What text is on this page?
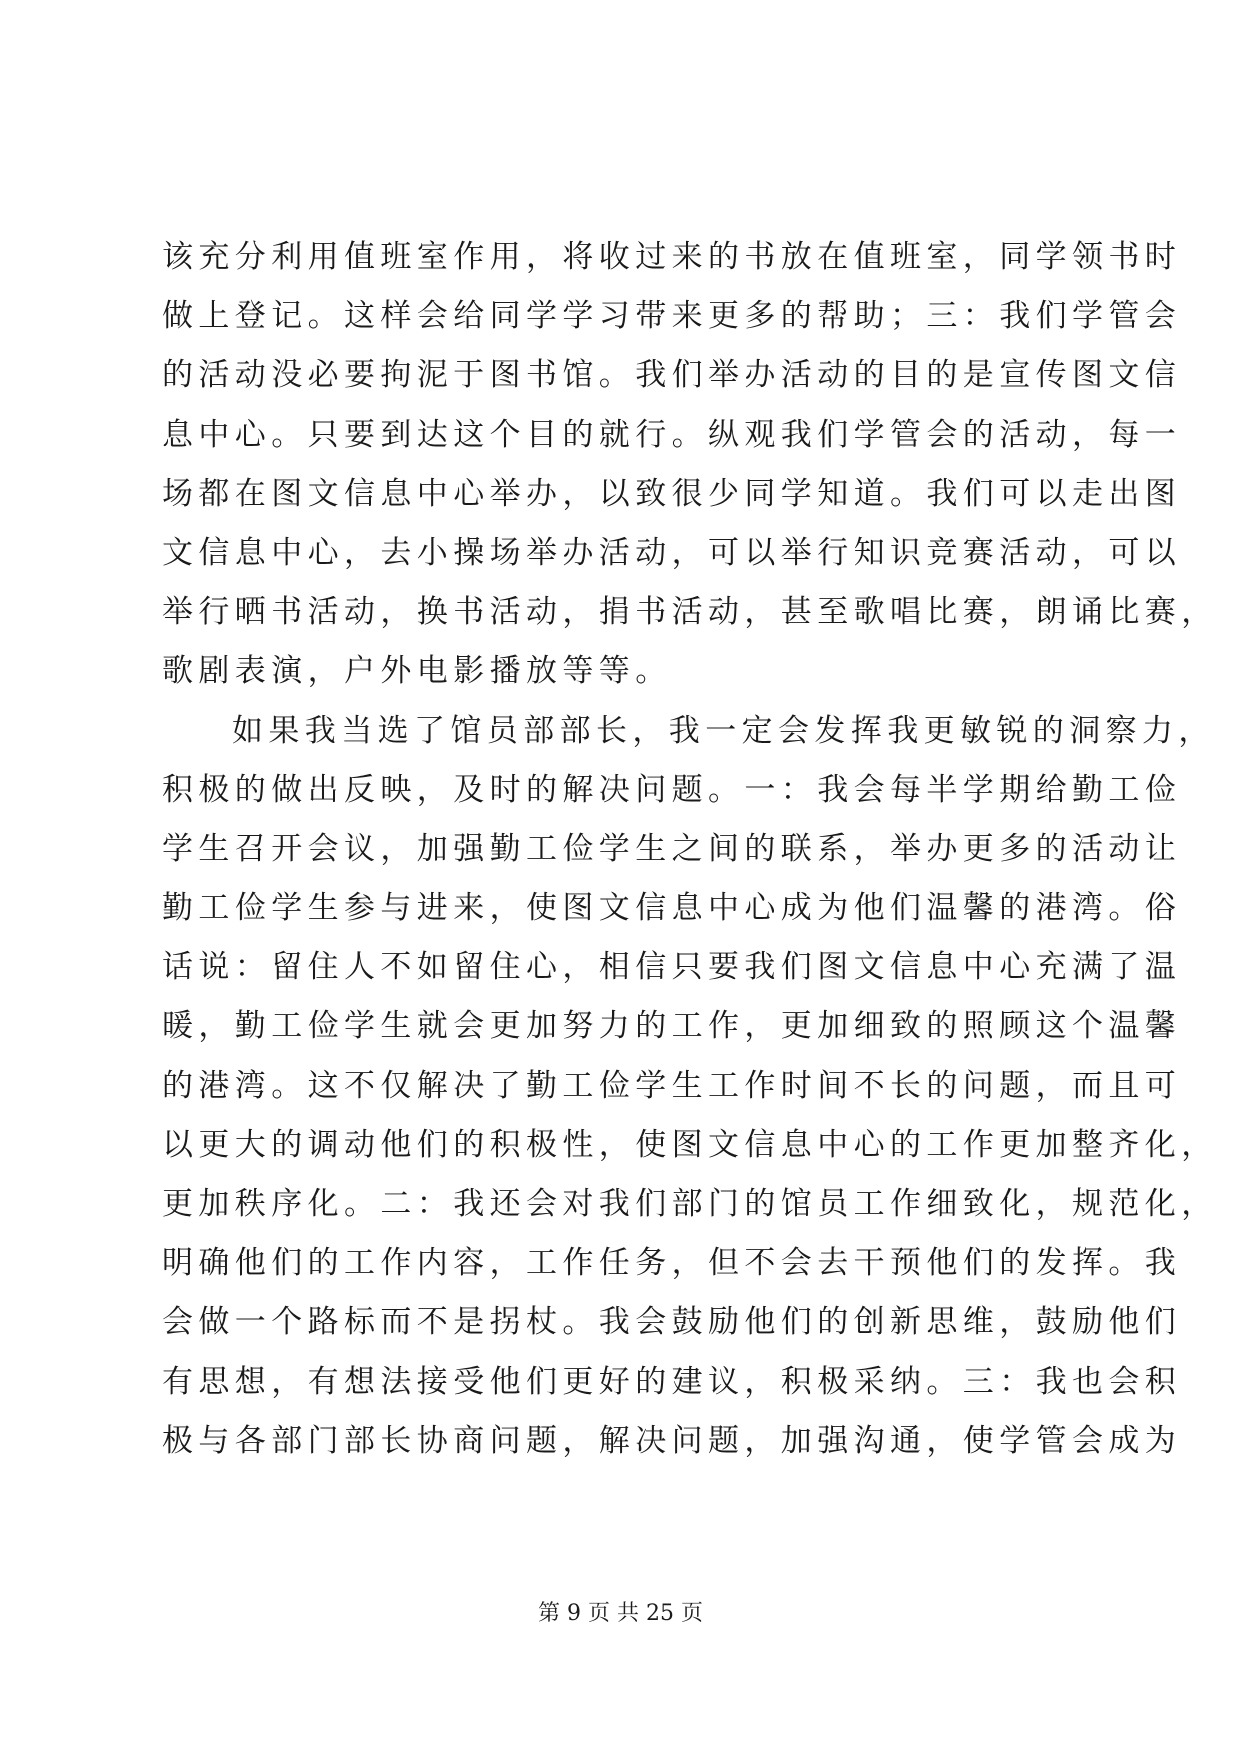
该充分利用值班室作用，将收过来的书放在值班室，同学领书时
做上登记。这样会给同学学习带来更多的帮助；三：我们学管会
的活动没必要拘泥于图书馆。我们举办活动的目的是宣传图文信
息中心。只要到达这个目的就行。纵观我们学管会的活动，每一
场都在图文信息中心举办，以致很少同学知道。我们可以走出图
文信息中心，去小操场举办活动，可以举行知识竞赛活动，可以
举行晒书活动，换书活动，捐书活动，甚至歌唱比赛，朗诵比赛，
歌剧表演，户外电影播放等等。
如果我当选了馆员部部长，我一定会发挥我更敏锐的洞察力，
积极的做出反映，及时的解决问题。一：我会每半学期给勤工俭
学生召开会议，加强勤工俭学生之间的联系，举办更多的活动让
勤工俭学生参与进来，使图文信息中心成为他们温馨的港湾。俗
话说：留住人不如留住心，相信只要我们图文信息中心充满了温
暖，勤工俭学生就会更加努力的工作，更加细致的照顾这个温馨
的港湾。这不仅解决了勤工俭学生工作时间不长的问题，而且可
以更大的调动他们的积极性，使图文信息中心的工作更加整齐化，
更加秩序化。二：我还会对我们部门的馆员工作细致化，规范化，
明确他们的工作内容，工作任务，但不会去干预他们的发挥。我
会做一个路标而不是拐杖。我会鼓励他们的创新思维，鼓励他们
有思想，有想法接受他们更好的建议，积极采纳。三：我也会积
极与各部门部长协商问题，解决问题，加强沟通，使学管会成为
第 9 页 共 25 页
